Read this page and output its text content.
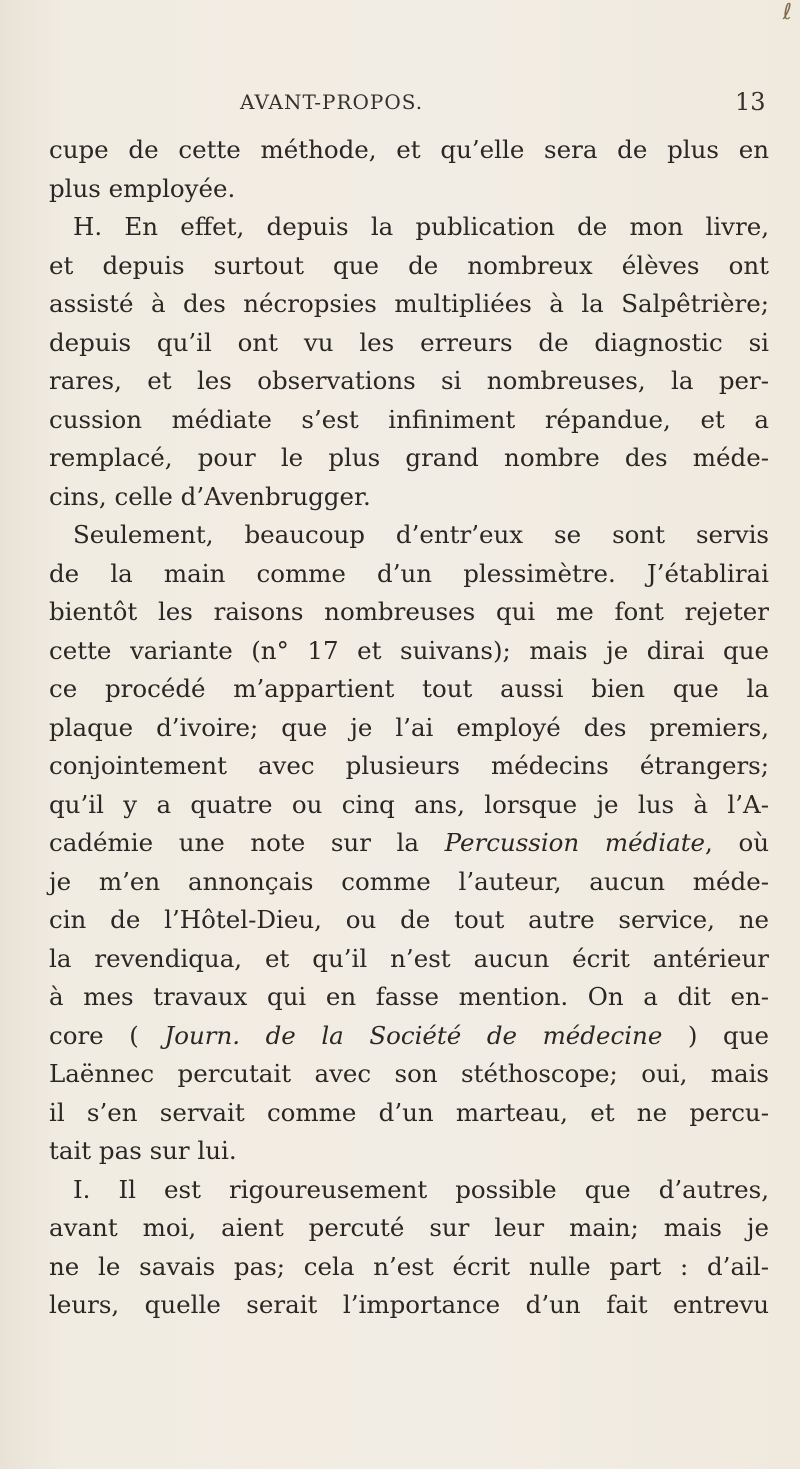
ℓ
AVANT-PROPOS.	13
cupe de cette méthode, et qu’elle sera de plus en
plus employée.
H. En effet, depuis la publication de mon livre,
et depuis surtout que de nombreux élèves ont
assisté à des nécropsies multipliées à la Salpêtrière;
depuis qu’il ont vu les erreurs de diagnostic si
rares, et les observations si nombreuses, la per-
cussion médiate s’est infiniment répandue, et a
remplacé, pour le plus grand nombre des méde-
cins, celle d’Avenbrugger.
Seulement, beaucoup d’entr’eux se sont servis
de la main comme d’un plessimètre. J’établirai
bientôt les raisons nombreuses qui me font rejeter
cette variante (n° 17 et suivans); mais je dirai que
ce procédé m’appartient tout aussi bien que la
plaque d’ivoire; que je l’ai employé des premiers,
conjointement avec plusieurs médecins étrangers;
qu’il y a quatre ou cinq ans, lorsque je lus à l’A-
cadémie une note sur la Percussion médiate, où
je m’en annonçais comme l’auteur, aucun méde-
cin de l’Hôtel-Dieu, ou de tout autre service, ne
la revendiqua, et qu’il n’est aucun écrit antérieur
à mes travaux qui en fasse mention. On a dit en-
core ( Journ. de la Société de médecine ) que
Laënnec percutait avec son stéthoscope; oui, mais
il s’en servait comme d’un marteau, et ne percu-
tait pas sur lui.
I. Il est rigoureusement possible que d’autres,
avant moi, aient percuté sur leur main; mais je
ne le savais pas; cela n’est écrit nulle part : d’ail-
leurs, quelle serait l’importance d’un fait entrevu
